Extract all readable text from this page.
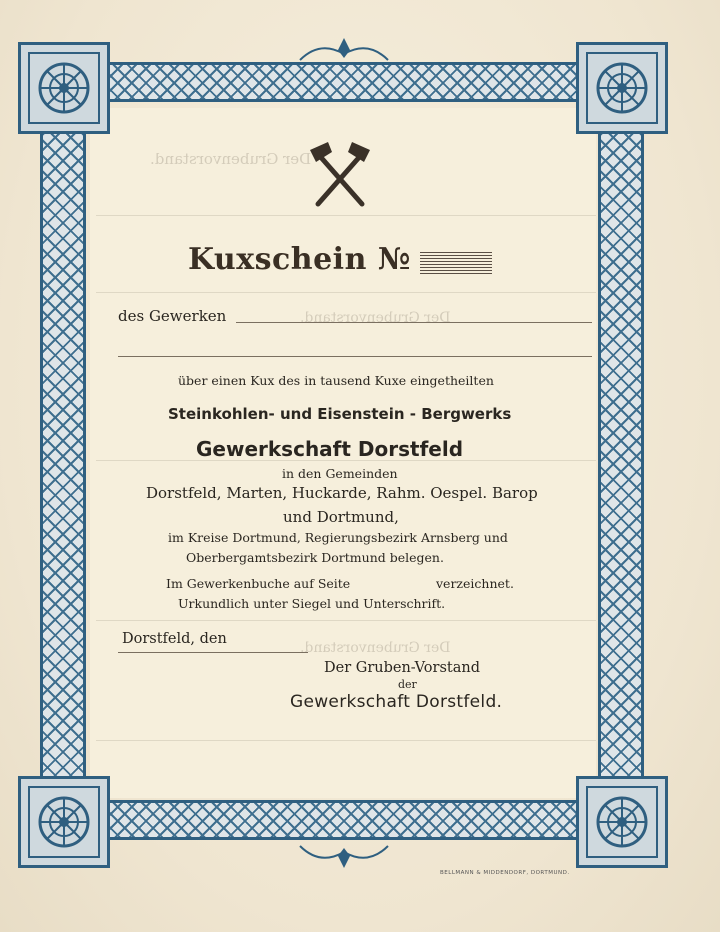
Der Grubenvorstand.
Der Grubenvorstand.
Der Grubenvorstand.
Kuxschein №
des Gewerken
über einen Kux des in tausend Kuxe eingetheilten
Steinkohlen- und Eisenstein - Bergwerks
Gewerkschaft Dorstfeld
in den Gemeinden
Dorstfeld, Marten, Huckarde, Rahm. Oespel. Barop
und Dortmund,
im Kreise Dortmund, Regierungsbezirk Arnsberg und
Oberbergamtsbezirk Dortmund belegen.
Im Gewerkenbuche auf Seite	verzeichnet.
Urkundlich unter Siegel und Unterschrift.
Dorstfeld, den
Der Gruben-Vorstand
der
Gewerkschaft Dorstfeld.
BELLMANN & MIDDENDORF, DORTMUND.
